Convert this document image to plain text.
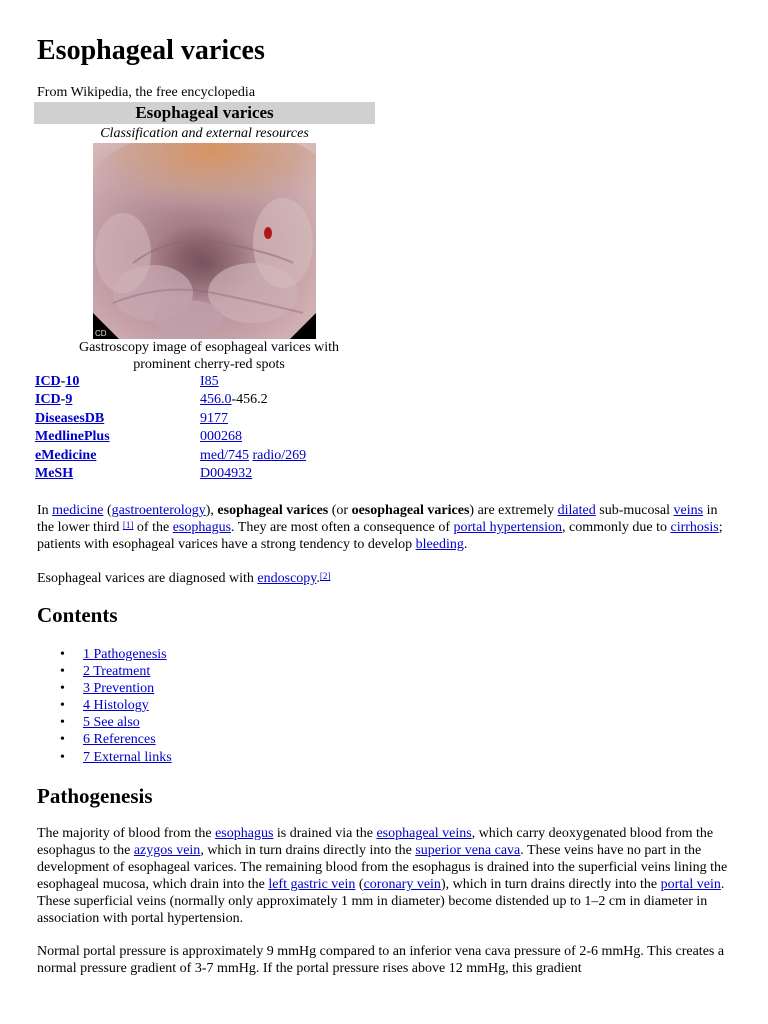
Esophageal varices
From Wikipedia, the free encyclopedia
Esophageal varices
Classification and external resources
CD
Gastroscopy image of esophageal varices with prominent cherry-red spots
ICD-10	I85
ICD-9	456.0-456.2
DiseasesDB	9177
MedlinePlus	000268
eMedicine	med/745 radio/269
MeSH	D004932

In medicine (gastroenterology), esophageal varices (or oesophageal varices) are extremely dilated sub-mucosal veins in the lower third [1] of the esophagus. They are most often a consequence of portal hypertension, commonly due to cirrhosis; patients with esophageal varices have a strong tendency to develop bleeding.

Esophageal varices are diagnosed with endoscopy.[2]

Contents
• 1 Pathogenesis
• 2 Treatment
• 3 Prevention
• 4 Histology
• 5 See also
• 6 References
• 7 External links
Pathogenesis

The majority of blood from the esophagus is drained via the esophageal veins, which carry deoxygenated blood from the esophagus to the azygos vein, which in turn drains directly into the superior vena cava. These veins have no part in the development of esophageal varices. The remaining blood from the esophagus is drained into the superficial veins lining the esophageal mucosa, which drain into the left gastric vein (coronary vein), which in turn drains directly into the portal vein. These superficial veins (normally only approximately 1 mm in diameter) become distended up to 1–2 cm in diameter in association with portal hypertension.

Normal portal pressure is approximately 9 mmHg compared to an inferior vena cava pressure of 2-6 mmHg. This creates a normal pressure gradient of 3-7 mmHg. If the portal pressure rises above 12 mmHg, this gradient
